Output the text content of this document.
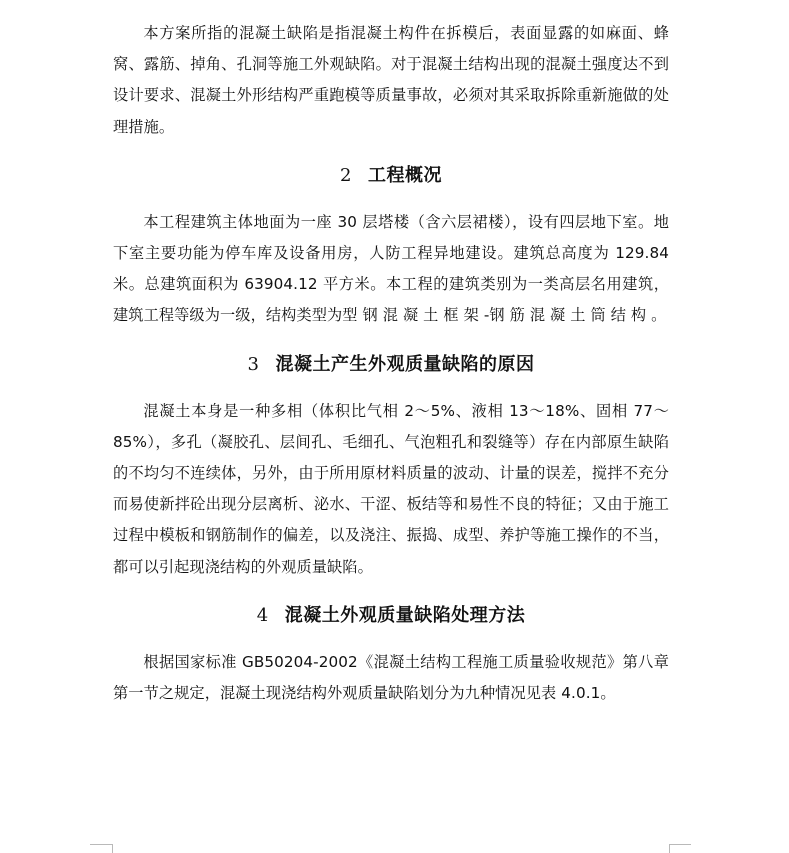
本方案所指的混凝土缺陷是指混凝土构件在拆模后，表面显露的如麻面、蜂窝、露筋、掉角、孔洞等施工外观缺陷。对于混凝土结构出现的混凝土强度达不到设计要求、混凝土外形结构严重跑模等质量事故，必须对其采取拆除重新施做的处理措施。

2 工程概况

本工程建筑主体地面为一座 30 层塔楼（含六层裙楼），设有四层地下室。地下室主要功能为停车库及设备用房，人防工程异地建设。建筑总高度为 129.84 米。总建筑面积为 63904.12 平方米。本工程的建筑类别为一类高层名用建筑，建筑工程等级为一级，结构类型为型 钢 混 凝 土 框 架 -钢 筋 混 凝 土 筒 结 构 。

3 混凝土产生外观质量缺陷的原因

混凝土本身是一种多相（体积比气相 2～5%、液相 13～18%、固相 77～85%），多孔（凝胶孔、层间孔、毛细孔、气泡粗孔和裂缝等）存在内部原生缺陷的不均匀不连续体，另外，由于所用原材料质量的波动、计量的误差，搅拌不充分而易使新拌砼出现分层离析、泌水、干涩、板结等和易性不良的特征；又由于施工过程中模板和钢筋制作的偏差，以及浇注、振捣、成型、养护等施工操作的不当，都可以引起现浇结构的外观质量缺陷。

4 混凝土外观质量缺陷处理方法

根据国家标准 GB50204-2002《混凝土结构工程施工质量验收规范》第八章第一节之规定，混凝土现浇结构外观质量缺陷划分为九种情况见表 4.0.1。
